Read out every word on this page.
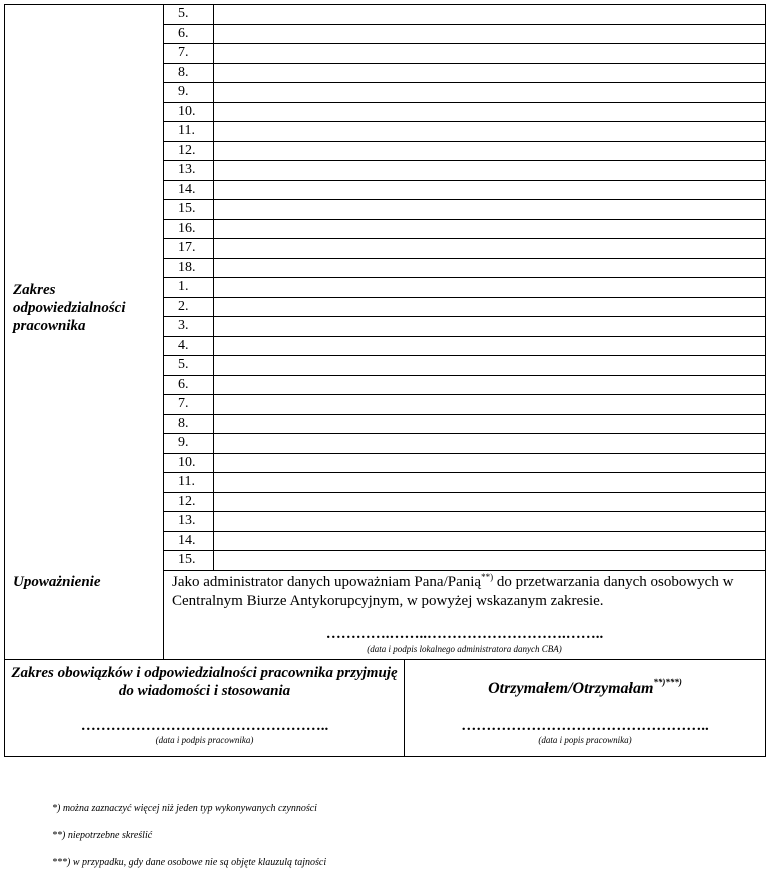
5.
6.
7.
8.
9.
10.
11.
12.
13.
14.
15.
16.
17.
18.
Zakres odpowiedzialności pracownika
1.
2.
3.
4.
5.
6.
7.
8.
9.
10.
11.
12.
13.
14.
15.
Upoważnienie	Jako administrator danych upoważniam Pana/Panią**) do przetwarzania danych osobowych w Centralnym Biurze Antykorupcyjnym, w powyżej wskazanym zakresie.
………….……..……………………….……..
(data i podpis lokalnego administratora danych CBA)
Zakres obowiązków i odpowiedzialności pracownika przyjmuję do wiadomości i stosowania
…………………………………………..
(data i podpis pracownika)
Otrzymałem/Otrzymałam**)***)
…………………………………………..
(data i popis pracownika)
*) można zaznaczyć więcej niż jeden typ wykonywanych czynności
**) niepotrzebne skreślić
***) w przypadku, gdy dane osobowe nie są objęte klauzulą tajności
